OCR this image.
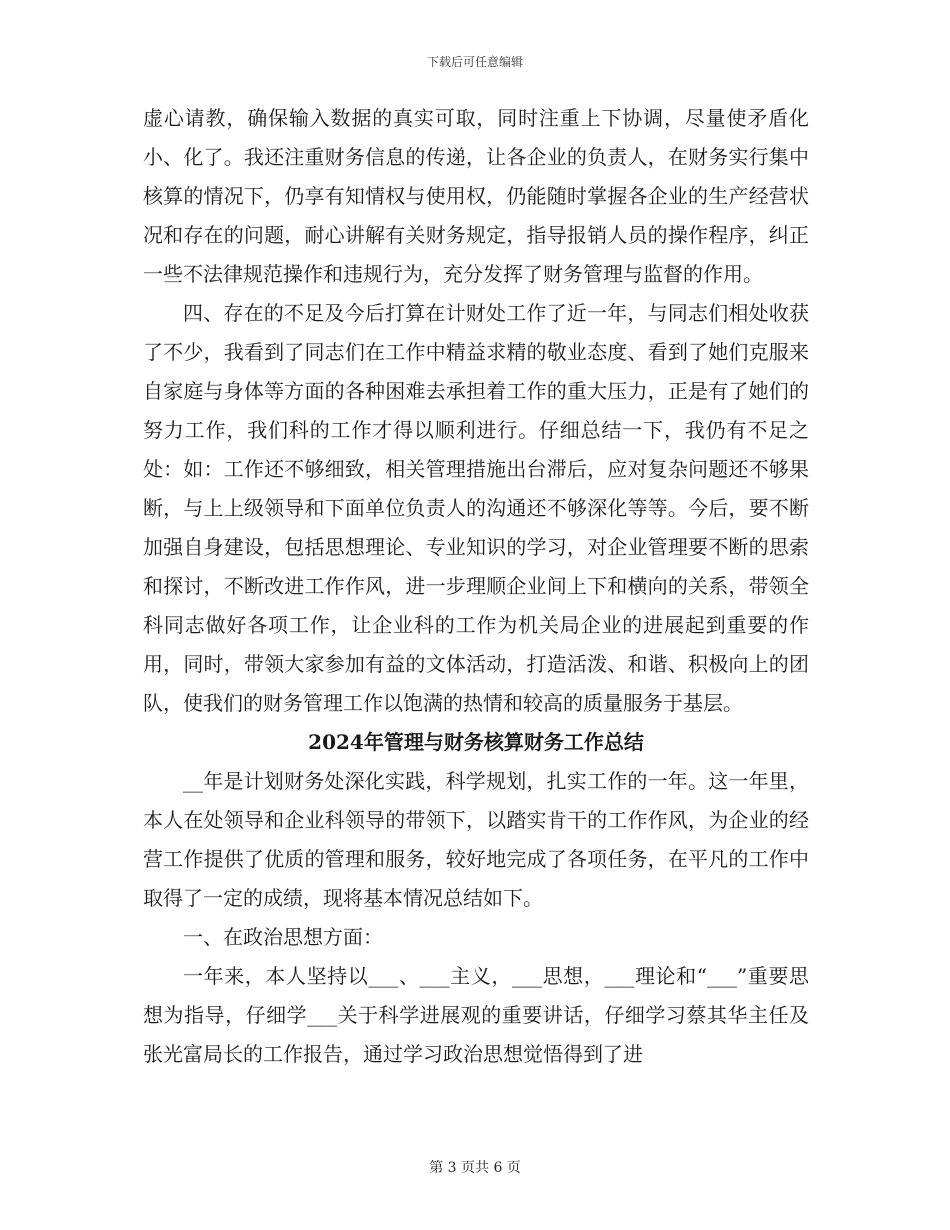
下载后可任意编辑

虚心请教，确保输入数据的真实可取，同时注重上下协调，尽量使矛盾化小、化了。我还注重财务信息的传递，让各企业的负责人，在财务实行集中核算的情况下，仍享有知情权与使用权，仍能随时掌握各企业的生产经营状况和存在的问题，耐心讲解有关财务规定，指导报销人员的操作程序，纠正一些不法律规范操作和违规行为，充分发挥了财务管理与监督的作用。

四、存在的不足及今后打算在计财处工作了近一年，与同志们相处收获了不少，我看到了同志们在工作中精益求精的敬业态度、看到了她们克服来自家庭与身体等方面的各种困难去承担着工作的重大压力，正是有了她们的努力工作，我们科的工作才得以顺利进行。仔细总结一下，我仍有不足之处：如：工作还不够细致，相关管理措施出台滞后，应对复杂问题还不够果断，与上上级领导和下面单位负责人的沟通还不够深化等等。今后，要不断加强自身建设，包括思想理论、专业知识的学习，对企业管理要不断的思索和探讨，不断改进工作作风，进一步理顺企业间上下和横向的关系，带领全科同志做好各项工作，让企业科的工作为机关局企业的进展起到重要的作用，同时，带领大家参加有益的文体活动，打造活泼、和谐、积极向上的团队，使我们的财务管理工作以饱满的热情和较高的质量服务于基层。

2024年管理与财务核算财务工作总结

__年是计划财务处深化实践，科学规划，扎实工作的一年。这一年里，本人在处领导和企业科领导的带领下，以踏实肯干的工作作风，为企业的经营工作提供了优质的管理和服务，较好地完成了各项任务，在平凡的工作中取得了一定的成绩，现将基本情况总结如下。

一、在政治思想方面：

一年来，本人坚持以___、___主义，___思想，___理论和“___”重要思想为指导，仔细学___关于科学进展观的重要讲话，仔细学习蔡其华主任及张光富局长的工作报告，通过学习政治思想觉悟得到了进

第 3 页共 6 页
